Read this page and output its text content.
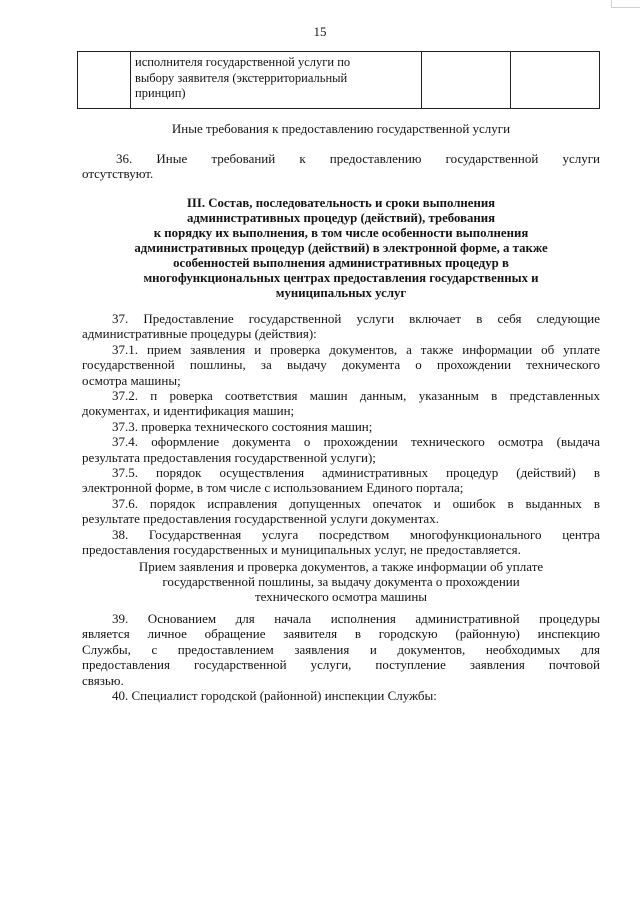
15
исполнителя государственной услуги по
выбору заявителя (экстерриториальный
принцип)
Иные требования к предоставлению государственной услуги
36. Иные требований к предоставлению государственной услуги
отсутствуют.
III. Состав, последовательность и сроки выполнения
административных процедур (действий), требования
к порядку их выполнения, в том числе особенности выполнения
административных процедур (действий) в электронной форме, а также
особенностей выполнения административных процедур в
многофункциональных центрах предоставления государственных и
муниципальных услуг
37. Предоставление государственной услуги включает в себя следующие
административные процедуры (действия):
37.1. прием заявления и проверка документов, а также информации об уплате
государственной пошлины, за выдачу документа о прохождении технического
осмотра машины;
37.2. п роверка соответствия машин данным, указанным в представленных
документах, и идентификация машин;
37.3. проверка технического состояния машин;
37.4. оформление документа о прохождении технического осмотра (выдача
результата предоставления государственной услуги);
37.5. порядок осуществления административных процедур (действий) в
электронной форме, в том числе с использованием Единого портала;
37.6. порядок исправления допущенных опечаток и ошибок в выданных в
результате предоставления государственной услуги документах.
38. Государственная услуга посредством многофункционального центра
предоставления государственных и муниципальных услуг, не предоставляется.
Прием заявления и проверка документов, а также информации об уплате
государственной пошлины, за выдачу документа о прохождении
технического осмотра машины
39. Основанием для начала исполнения административной процедуры
является личное обращение заявителя в городскую (районную) инспекцию
Службы, с предоставлением заявления и документов, необходимых для
предоставления государственной услуги, поступление заявления почтовой
связью.
40. Специалист городской (районной) инспекции Службы:
